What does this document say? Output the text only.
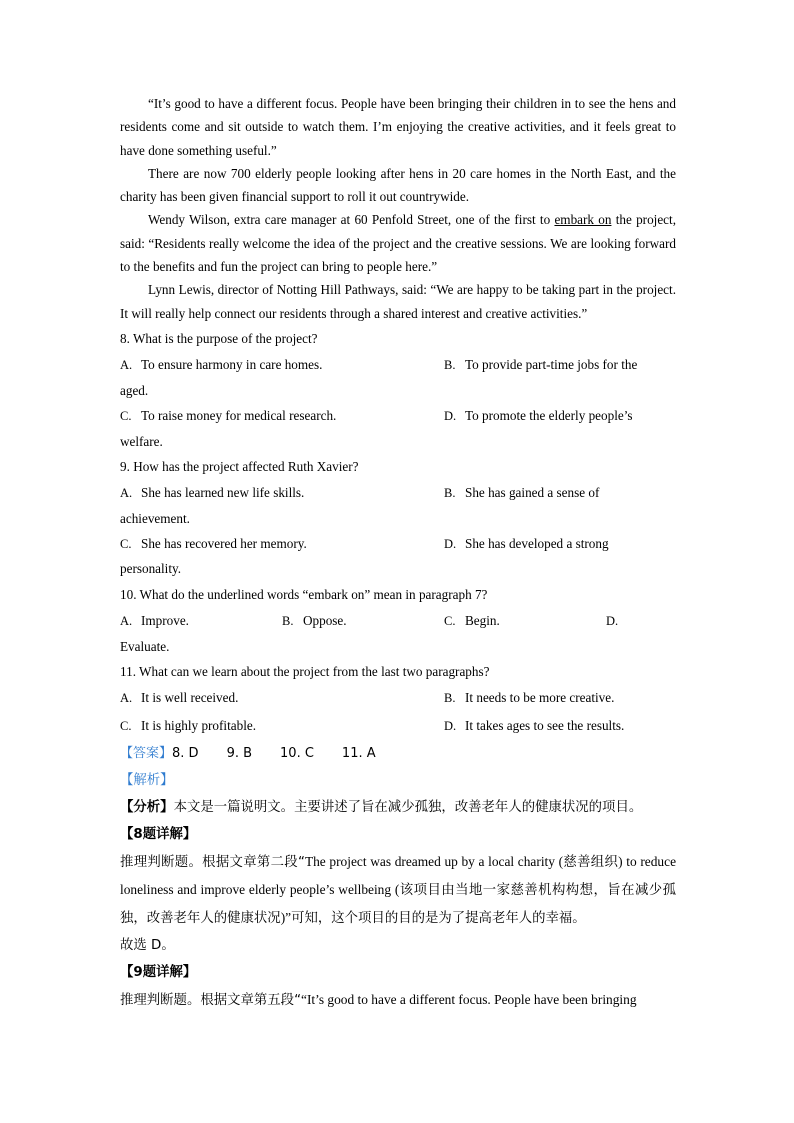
“It’s good to have a different focus. People have been bringing their children in to see the hens and residents come and sit outside to watch them. I’m enjoying the creative activities, and it feels great to have done something useful.”

There are now 700 elderly people looking after hens in 20 care homes in the North East, and the charity has been given financial support to roll it out countrywide.

Wendy Wilson, extra care manager at 60 Penfold Street, one of the first to embark on the project, said: “Residents really welcome the idea of the project and the creative sessions. We are looking forward to the benefits and fun the project can bring to people here.”

Lynn Lewis, director of Notting Hill Pathways, said: “We are happy to be taking part in the project. It will really help connect our residents through a shared interest and creative activities.”

8. What is the purpose of the project?

A. To ensure harmony in care homes.	B. To provide part-time jobs for the

aged.

C. To raise money for medical research.	D. To promote the elderly people’s

welfare.

9. How has the project affected Ruth Xavier?

A. She has learned new life skills.	B. She has gained a sense of

achievement.

C. She has recovered her memory.	D. She has developed a strong

personality.

10. What do the underlined words “embark on” mean in paragraph 7?

A. Improve.	B. Oppose.	C. Begin.	D.

Evaluate.

11. What can we learn about the project from the last two paragraphs?

A. It is well received.	B. It needs to be more creative.
C. It is highly profitable.	D. It takes ages to see the results.
【答案】8. D 9. B 10. C 11. A
【解析】

【分析】本文是一篇说明文。主要讲述了旨在减少孤独，改善老年人的健康状况的项目。

【8题详解】

推理判断题。根据文章第二段“The project was dreamed up by a local charity (慈善组织) to reduce loneliness and improve elderly people’s wellbeing (该项目由当地一家慈善机构构想，旨在减少孤独，改善老年人的健康状况)”可知，这个项目的目的是为了提高老年人的幸福。

故选 D。

【9题详解】

推理判断题。根据文章第五段““It’s good to have a different focus. People have been bringing
